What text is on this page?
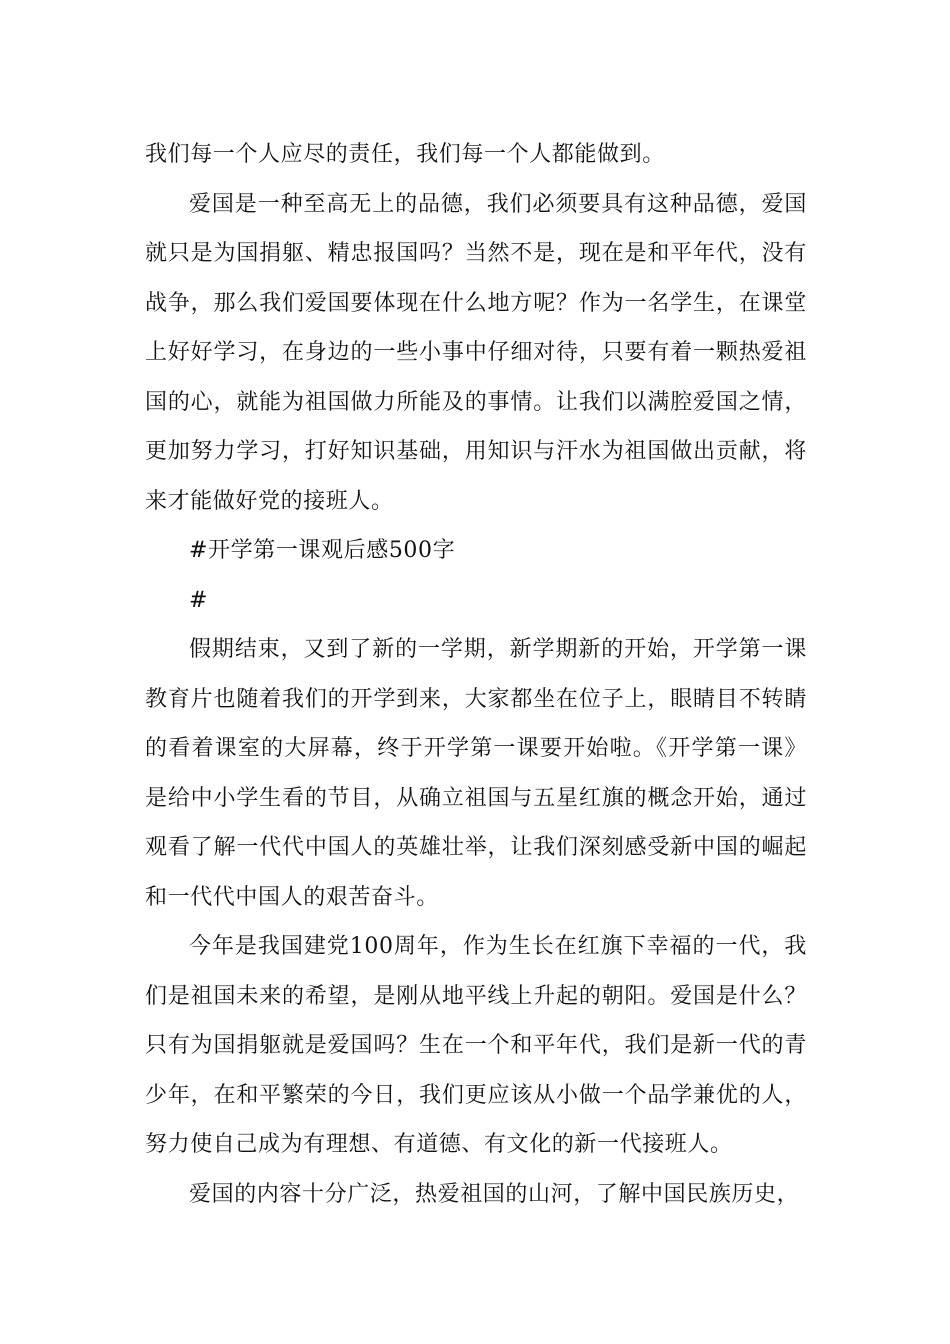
我们每一个人应尽的责任，我们每一个人都能做到。

爱国是一种至高无上的品德，我们必须要具有这种品德，爱国就只是为国捐躯、精忠报国吗？当然不是，现在是和平年代，没有战争，那么我们爱国要体现在什么地方呢？作为一名学生，在课堂上好好学习，在身边的一些小事中仔细对待，只要有着一颗热爱祖国的心，就能为祖国做力所能及的事情。让我们以满腔爱国之情，更加努力学习，打好知识基础，用知识与汗水为祖国做出贡献，将来才能做好党的接班人。

#开学第一课观后感500字

#

假期结束，又到了新的一学期，新学期新的开始，开学第一课教育片也随着我们的开学到来，大家都坐在位子上，眼睛目不转睛的看着课室的大屏幕，终于开学第一课要开始啦。《开学第一课》是给中小学生看的节目，从确立祖国与五星红旗的概念开始，通过观看了解一代代中国人的英雄壮举，让我们深刻感受新中国的崛起和一代代中国人的艰苦奋斗。

今年是我国建党100周年，作为生长在红旗下幸福的一代，我们是祖国未来的希望，是刚从地平线上升起的朝阳。爱国是什么？只有为国捐躯就是爱国吗？生在一个和平年代，我们是新一代的青少年，在和平繁荣的今日，我们更应该从小做一个品学兼优的人，努力使自己成为有理想、有道德、有文化的新一代接班人。

爱国的内容十分广泛，热爱祖国的山河，了解中国民族历史，
